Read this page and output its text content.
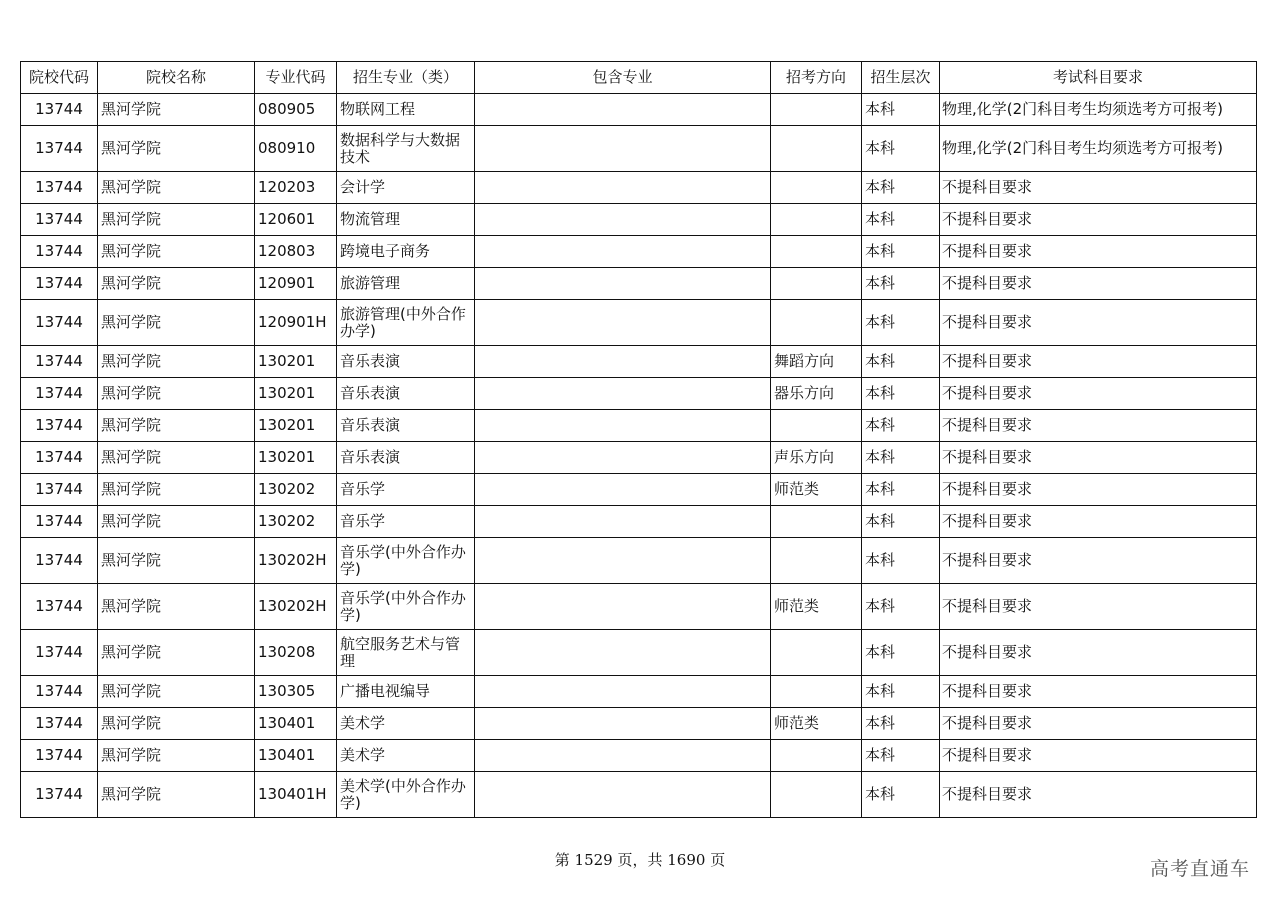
院校代码	院校名称	专业代码	招生专业（类）	包含专业	招考方向	招生层次	考试科目要求
13744	黑河学院	080905	物联网工程			本科	物理,化学(2门科目考生均须选考方可报考)
13744	黑河学院	080910	数据科学与大数据技术			本科	物理,化学(2门科目考生均须选考方可报考)
13744	黑河学院	120203	会计学			本科	不提科目要求
13744	黑河学院	120601	物流管理			本科	不提科目要求
13744	黑河学院	120803	跨境电子商务			本科	不提科目要求
13744	黑河学院	120901	旅游管理			本科	不提科目要求
13744	黑河学院	120901H	旅游管理(中外合作办学)			本科	不提科目要求
13744	黑河学院	130201	音乐表演		舞蹈方向	本科	不提科目要求
13744	黑河学院	130201	音乐表演		器乐方向	本科	不提科目要求
13744	黑河学院	130201	音乐表演			本科	不提科目要求
13744	黑河学院	130201	音乐表演		声乐方向	本科	不提科目要求
13744	黑河学院	130202	音乐学		师范类	本科	不提科目要求
13744	黑河学院	130202	音乐学			本科	不提科目要求
13744	黑河学院	130202H	音乐学(中外合作办学)			本科	不提科目要求
13744	黑河学院	130202H	音乐学(中外合作办学)		师范类	本科	不提科目要求
13744	黑河学院	130208	航空服务艺术与管理			本科	不提科目要求
13744	黑河学院	130305	广播电视编导			本科	不提科目要求
13744	黑河学院	130401	美术学		师范类	本科	不提科目要求
13744	黑河学院	130401	美术学			本科	不提科目要求
13744	黑河学院	130401H	美术学(中外合作办学)			本科	不提科目要求
第 1529 页，共 1690 页	高考直通车
